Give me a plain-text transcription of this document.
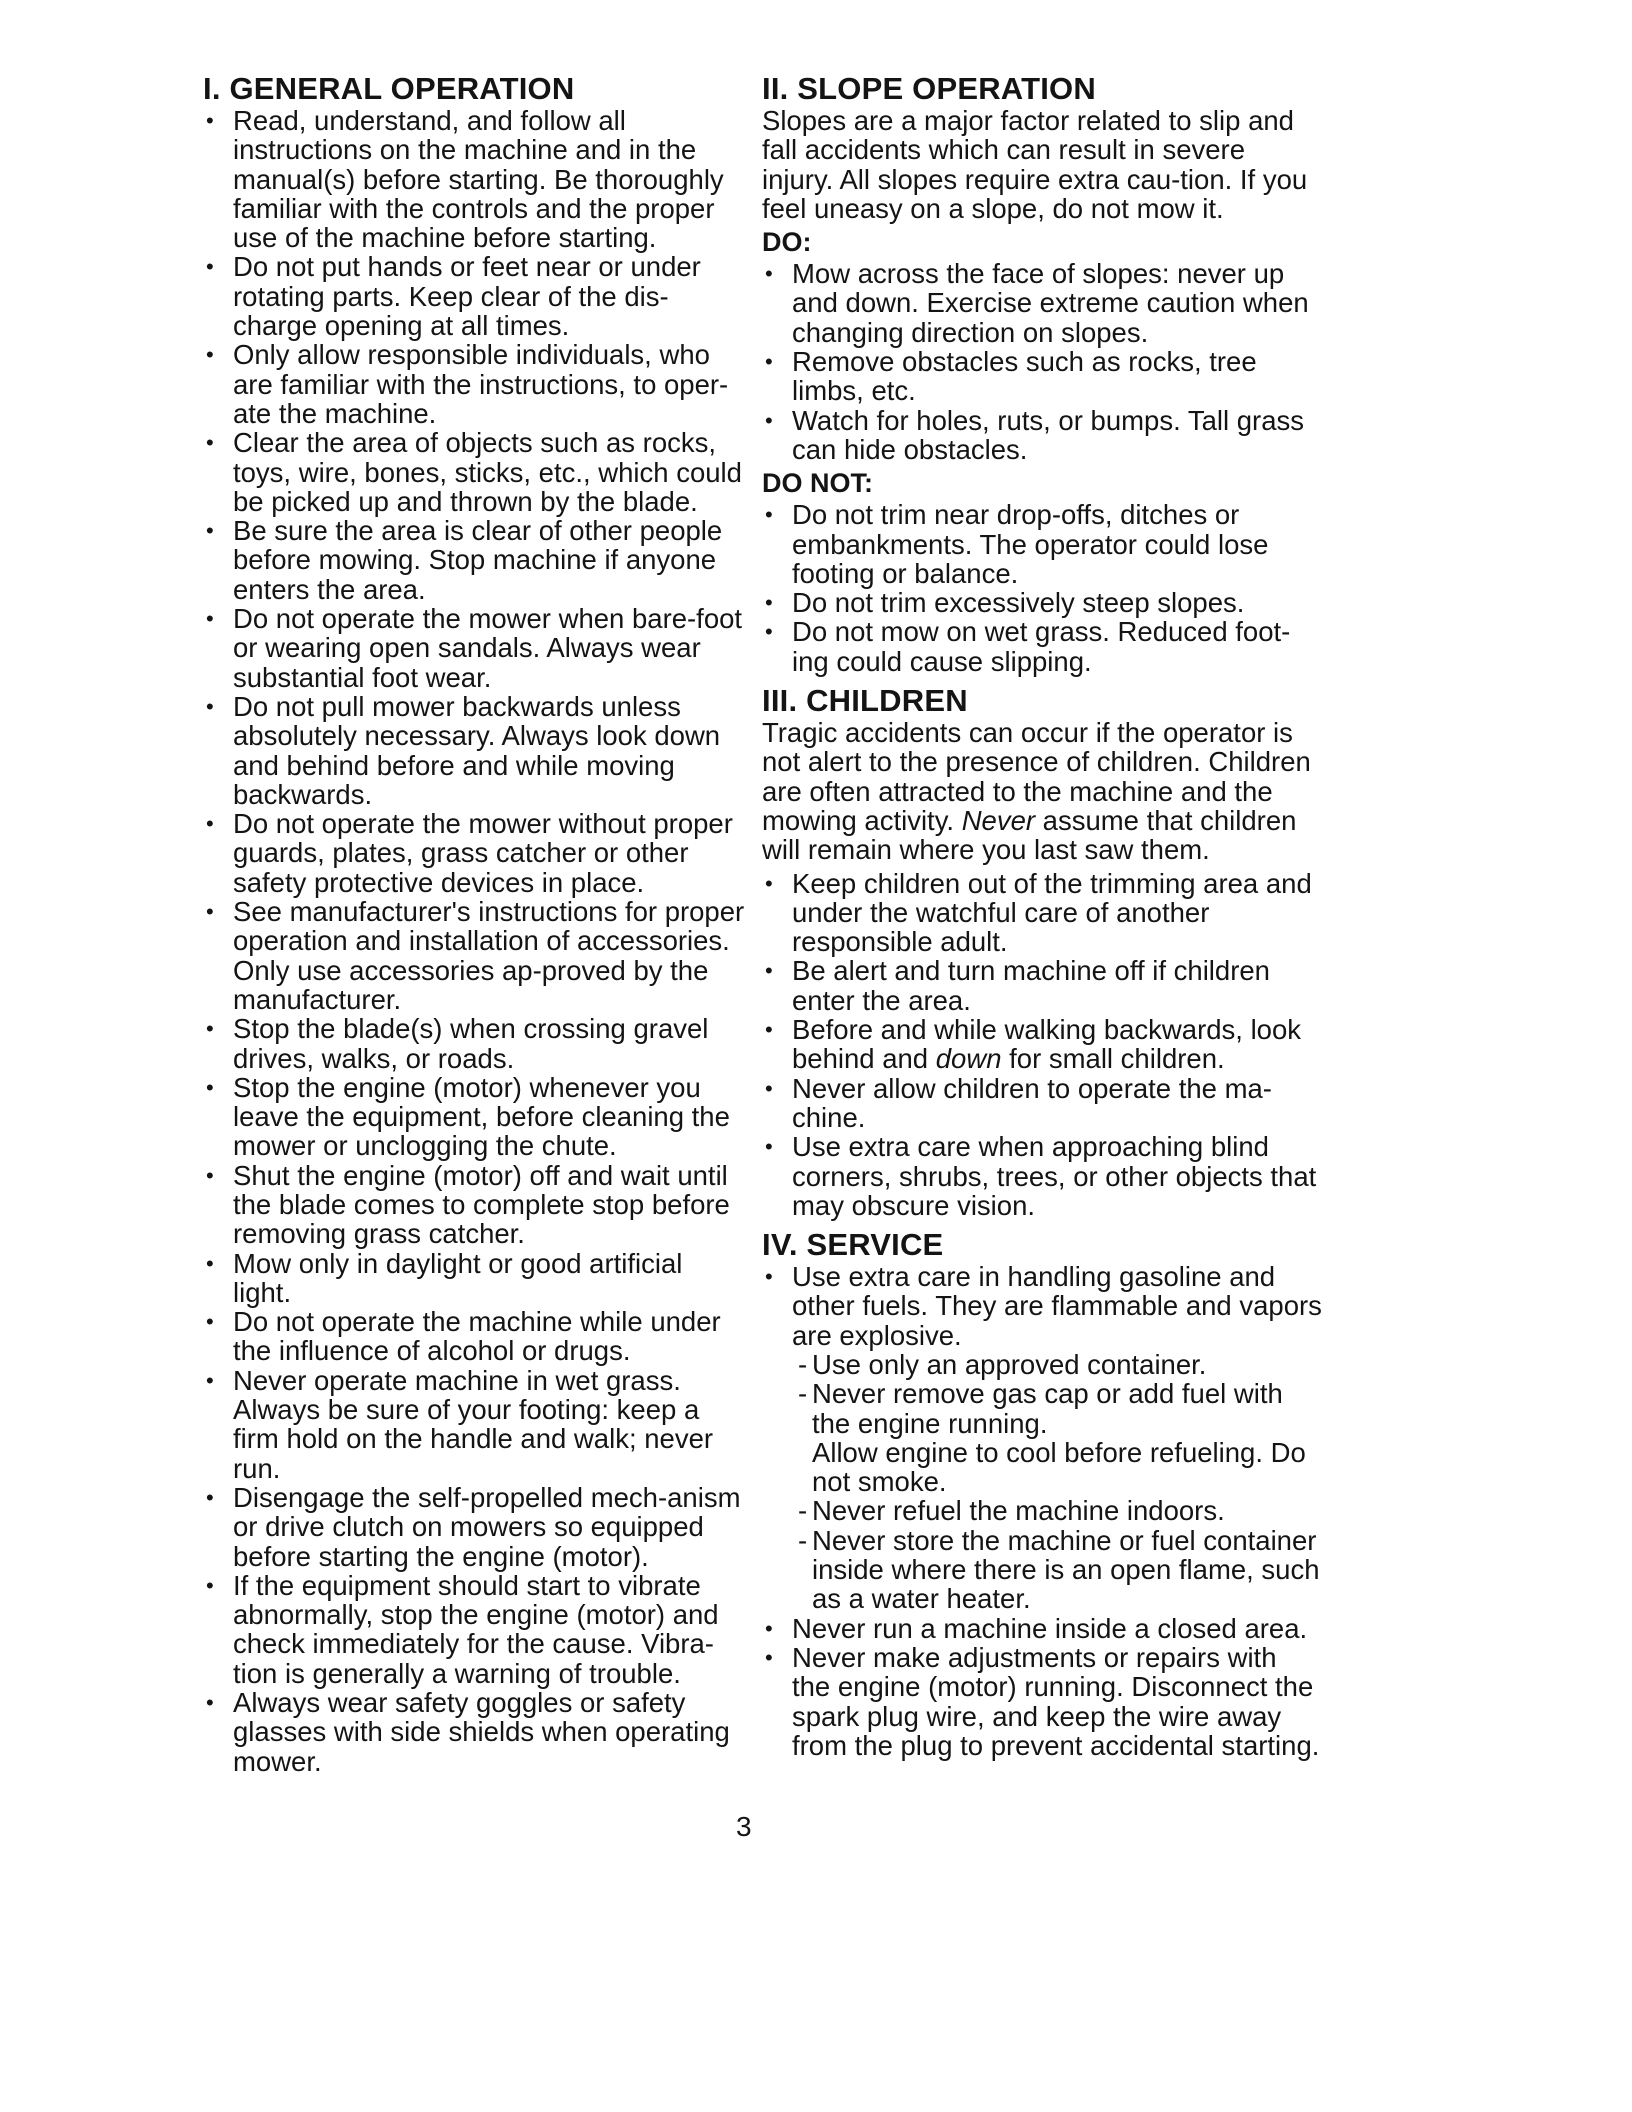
I. GENERAL OPERATION
• Read, understand, and follow all instructions on the machine and in the manual(s) before starting. Be thoroughly familiar with the controls and the proper use of the machine before starting.
• Do not put hands or feet near or under rotating parts. Keep clear of the dis-charge opening at all times.
• Only allow responsible individuals, who are familiar with the instructions, to oper-ate the machine.
• Clear the area of objects such as rocks, toys, wire, bones, sticks, etc., which could be picked up and thrown by the blade.
• Be sure the area is clear of other people before mowing. Stop machine if anyone enters the area.
• Do not operate the mower when bare-foot or wearing open sandals. Always wear substantial foot wear.
• Do not pull mower backwards unless absolutely necessary. Always look down and behind before and while moving backwards.
• Do not operate the mower without proper guards, plates, grass catcher or other safety protective devices in place.
• See manufacturer's instructions for proper operation and installation of accessories. Only use accessories ap-proved by the manufacturer.
• Stop the blade(s) when crossing gravel drives, walks, or roads.
• Stop the engine (motor) whenever you leave the equipment, before cleaning the mower or unclogging the chute.
• Shut the engine (motor) off and wait until the blade comes to complete stop before removing grass catcher.
• Mow only in daylight or good artificial light.
• Do not operate the machine while under the influence of alcohol or drugs.
• Never operate machine in wet grass. Always be sure of your footing: keep a firm hold on the handle and walk; never run.
• Disengage the self-propelled mech-anism or drive clutch on mowers so equipped before starting the engine (motor).
• If the equipment should start to vibrate abnormally, stop the engine (motor) and check immediately for the cause. Vibra-tion is generally a warning of trouble.
• Always wear safety goggles or safety glasses with side shields when operating mower.
II. SLOPE OPERATION

Slopes are a major factor related to slip and fall accidents which can result in severe injury. All slopes require extra cau-tion. If you feel uneasy on a slope, do not mow it.

DO:
• Mow across the face of slopes: never up and down. Exercise extreme caution when changing direction on slopes.
• Remove obstacles such as rocks, tree limbs, etc.
• Watch for holes, ruts, or bumps. Tall grass can hide obstacles.
DO NOT:
• Do not trim near drop-offs, ditches or embankments. The operator could lose footing or balance.
• Do not trim excessively steep slopes.
• Do not mow on wet grass. Reduced foot-ing could cause slipping.
III. CHILDREN

Tragic accidents can occur if the operator is not alert to the presence of children. Children are often attracted to the machine and the mowing activity. Never assume that children will remain where you last saw them.

• Keep children out of the trimming area and under the watchful care of another responsible adult.
• Be alert and turn machine off if children enter the area.
• Before and while walking backwards, look behind and down for small children.
• Never allow children to operate the ma-chine.
• Use extra care when approaching blind corners, shrubs, trees, or other objects that may obscure vision.
IV. SERVICE
• Use extra care in handling gasoline and other fuels. They are flammable and vapors are explosive.
- Use only an approved container.
- Never remove gas cap or add fuel with the engine running.
Allow engine to cool before refueling. Do not smoke.
- Never refuel the machine indoors.
- Never store the machine or fuel container inside where there is an open flame, such as a water heater.
• Never run a machine inside a closed area.
• Never make adjustments or repairs with the engine (motor) running. Disconnect the spark plug wire, and keep the wire away from the plug to prevent accidental starting.
3
